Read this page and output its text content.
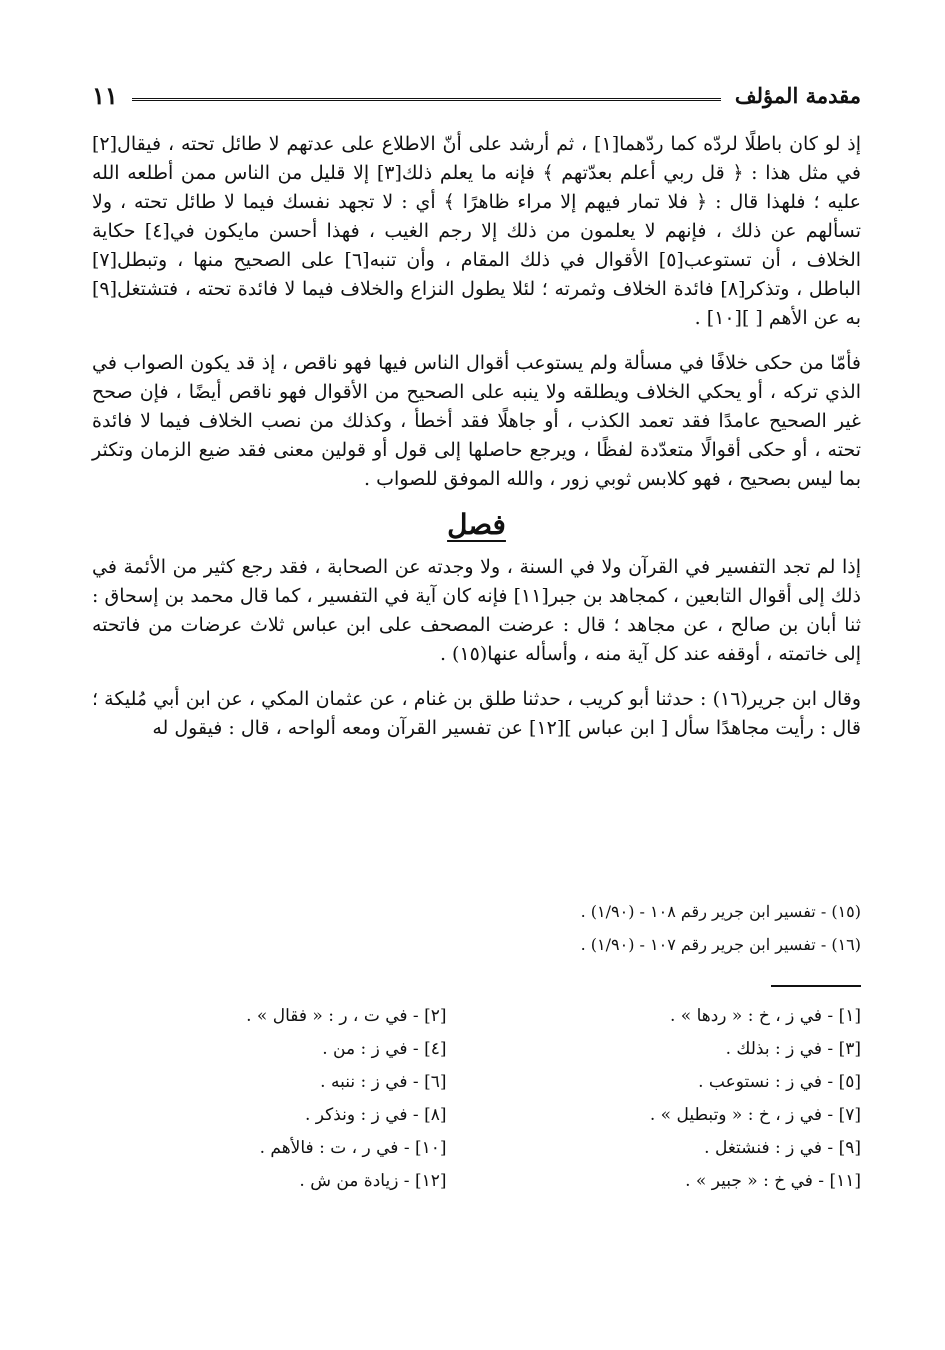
مقدمة المؤلف
١١

إذ لو كان باطلًا لردّه كما ردّهما[١] ، ثم أرشد على أنّ الاطلاع على عدتهم لا طائل تحته ، فيقال[٢] في مثل هذا : ﴿ قل ربي أعلم بعدّتهم ﴾ فإنه ما يعلم ذلك[٣] إلا قليل من الناس ممن أطلعه الله عليه ؛ فلهذا قال : ﴿ فلا تمار فيهم إلا مراء ظاهرًا ﴾ أي : لا تجهد نفسك فيما لا طائل تحته ، ولا تسألهم عن ذلك ، فإنهم لا يعلمون من ذلك إلا رجم الغيب ، فهذا أحسن مايكون في[٤] حكاية الخلاف ، أن تستوعب[٥] الأقوال في ذلك المقام ، وأن تنبه[٦] على الصحيح منها ، وتبطل[٧] الباطل ، وتذكر[٨] فائدة الخلاف وثمرته ؛ لئلا يطول النزاع والخلاف فيما لا فائدة تحته ، فتشتغل[٩] به عن الأهم [ ][١٠] .

فأمّا من حكى خلافًا في مسألة ولم يستوعب أقوال الناس فيها فهو ناقص ، إذ قد يكون الصواب في الذي تركه ، أو يحكي الخلاف ويطلقه ولا ينبه على الصحيح من الأقوال فهو ناقص أيضًا ، فإن صحح غير الصحيح عامدًا فقد تعمد الكذب ، أو جاهلًا فقد أخطأ ، وكذلك من نصب الخلاف فيما لا فائدة تحته ، أو حكى أقوالًا متعدّدة لفظًا ، ويرجع حاصلها إلى قول أو قولين معنى فقد ضيع الزمان وتكثر بما ليس بصحيح ، فهو كلابس ثوبي زور ، والله الموفق للصواب .

فصل

إذا لم تجد التفسير في القرآن ولا في السنة ، ولا وجدته عن الصحابة ، فقد رجع كثير من الأئمة في ذلك إلى أقوال التابعين ، كمجاهد بن جبر[١١] فإنه كان آية في التفسير ، كما قال محمد بن إسحاق : ثنا أبان بن صالح ، عن مجاهد ؛ قال : عرضت المصحف على ابن عباس ثلاث عرضات من فاتحته إلى خاتمته ، أوقفه عند كل آية منه ، وأسأله عنها(١٥) .

وقال ابن جرير(١٦) : حدثنا أبو كريب ، حدثنا طلق بن غنام ، عن عثمان المكي ، عن ابن أبي مُليكة ؛ قال : رأيت مجاهدًا سأل [ ابن عباس ][١٢] عن تفسير القرآن ومعه ألواحه ، قال : فيقول له

(١٥) - تفسير ابن جرير رقم ١٠٨ - (١/٩٠) .
(١٦) - تفسير ابن جرير رقم ١٠٧ - (١/٩٠) .
[١] - في ز ، خ : « ردها » .
[٢] - في ت ، ر : « فقال » .
[٣] - في ز : بذلك .
[٤] - في ز : من .
[٥] - في ز : نستوعب .
[٦] - في ز : ننبه .
[٧] - في ز ، خ : « وتبطيل » .
[٨] - في ز : ونذكر .
[٩] - في ز : فنشتغل .
[١٠] - في ر ، ت : فالأهم .
[١١] - في خ : « جبير » .
[١٢] - زيادة من ش .
